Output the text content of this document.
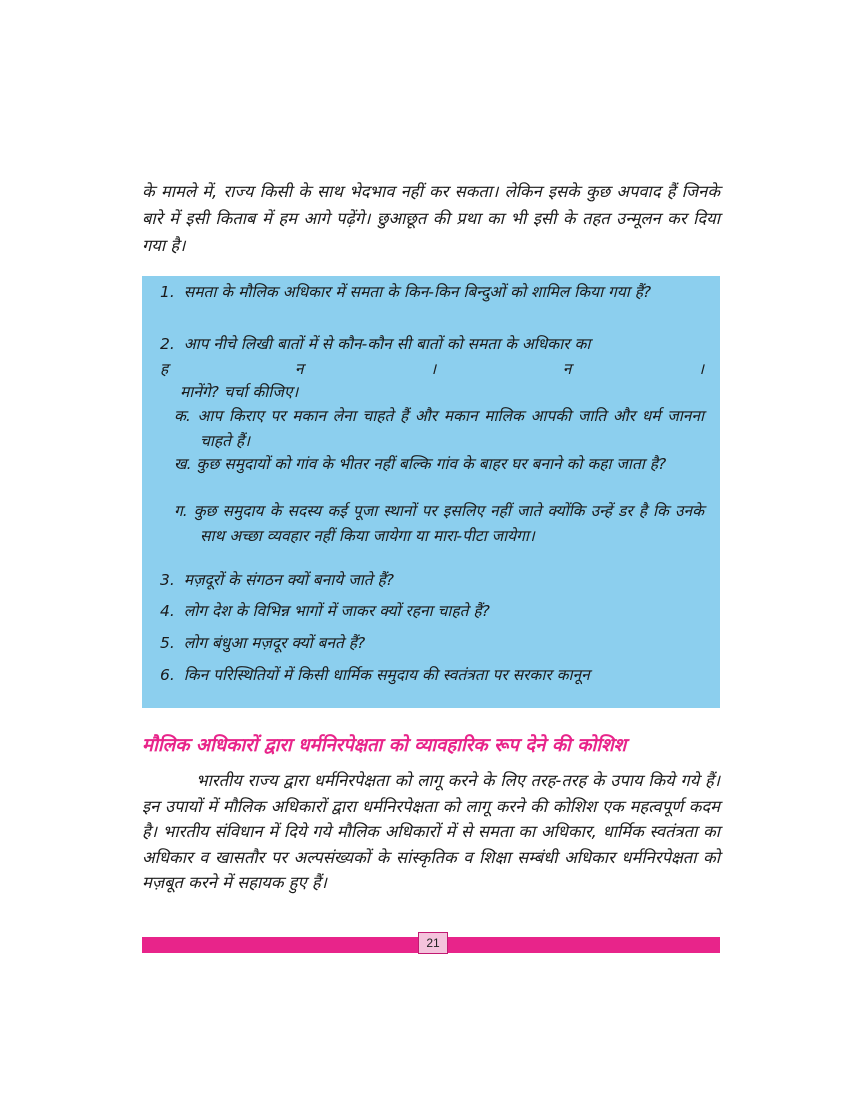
के मामले में, राज्य किसी के साथ भेदभाव नहीं कर सकता। लेकिन इसके कुछ अपवाद हैं जिनके बारे में इसी किताब में हम आगे पढ़ेंगे। छुआछूत की प्रथा का भी इसी के तहत उन्मूलन कर दिया गया है।
1. समता के मौलिक अधिकार में समता के किन-किन बिन्दुओं को शामिल किया गया हैं?
2. आप नीचे लिखी बातों में से कौन-कौन सी बातों को समता के अधिकार का
ह	न	।	न	।
मानेंगे? चर्चा कीजिए।
क. आप किराए पर मकान लेना चाहते हैं और मकान मालिक आपकी जाति और धर्म जानना चाहते हैं।
ख. कुछ समुदायों को गांव के भीतर नहीं बल्कि गांव के बाहर घर बनाने को कहा जाता है?
ग. कुछ समुदाय के सदस्य कई पूजा स्थानों पर इसलिए नहीं जाते क्योंकि उन्हें डर है कि उनके साथ अच्छा व्यवहार नहीं किया जायेगा या मारा-पीटा जायेगा।
3. मज़दूरों के संगठन क्यों बनाये जाते हैं?
4. लोग देश के विभिन्न भागों में जाकर क्यों रहना चाहते हैं?
5. लोग बंधुआ मज़दूर क्यों बनते हैं?
6. किन परिस्थितियों में किसी धार्मिक समुदाय की स्वतंत्रता पर सरकार कानून
मौलिक अधिकारों द्वारा धर्मनिरपेक्षता को व्यावहारिक रूप देने की कोशिश
भारतीय राज्य द्वारा धर्मनिरपेक्षता को लागू करने के लिए तरह-तरह के उपाय किये गये हैं। इन उपायों में मौलिक अधिकारों द्वारा धर्मनिरपेक्षता को लागू करने की कोशिश एक महत्वपूर्ण कदम है। भारतीय संविधान में दिये गये मौलिक अधिकारों में से समता का अधिकार, धार्मिक स्वतंत्रता का अधिकार व खासतौर पर अल्पसंख्यकों के सांस्कृतिक व शिक्षा सम्बंधी अधिकार धर्मनिरपेक्षता को मज़बूत करने में सहायक हुए हैं।
21
